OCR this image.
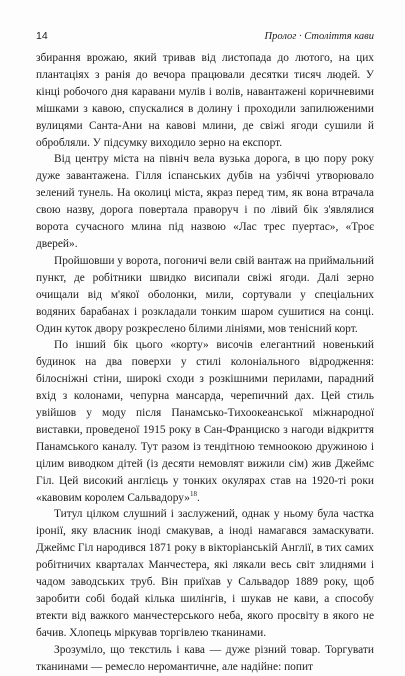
14	Пролог · Століття кави

збирання врожаю, який тривав від листопада до лютого, на цих плантаціях з ранія до вечора працювали десятки тисяч людей. У кінці робочого дня каравани мулів і волів, навантажені коричневими мішками з кавою, спускалися в долину і проходили запилюженими вулицями Санта-Ани на кавові млини, де свіжі ягоди сушили й обробляли. У підсумку виходило зерно на експорт.

Від центру міста на північ вела вузька дорога, в цю пору року дуже завантажена. Гілля іспанських дубів на узбіччі утворювало зелений тунель. На околиці міста, якраз перед тим, як вона втрачала свою назву, дорога повертала праворуч і по лівий бік з'являлися ворота сучасного млина під назвою «Лас трес пуертас», «Троє дверей».

Пройшовши у ворота, погоничі вели свій вантаж на приймальний пункт, де робітники швидко висипали свіжі ягоди. Далі зерно очищали від м'якої оболонки, мили, сортували у спеціальних водяних барабанах і розкладали тонким шаром сушитися на сонці. Один куток двору розкреслено білими лініями, мов тенісний корт.

По інший бік цього «корту» височів елегантний новенький будинок на два поверхи у стилі колоніального відродження: білосніжні стіни, широкі сходи з розкішними перилами, парадний вхід з колонами, чепурна мансарда, черепичний дах. Цей стиль увійшов у моду після Панамсько-Тихоокеанської міжнародної виставки, проведеної 1915 року в Сан-Франциско з нагоди відкриття Панамського каналу. Тут разом із тендітною темноокою дружиною і цілим виводком дітей (із десяти немовлят вижили сім) жив Джеймс Гіл. Цей високий англієць у тонких окулярах став на 1920-ті роки «кавовим королем Сальвадору»$^{18}$.

Титул цілком слушний і заслужений, однак у ньому була частка іронії, яку власник іноді смакував, а іноді намагався замаскувати. Джеймс Гіл народився 1871 року в вікторіанській Англії, в тих самих робітничих кварталах Манчестера, які лякали весь світ злиднями і чадом заводських труб. Він приїхав у Сальвадор 1889 року, щоб заробити собі бодай кілька шилінгів, і шукав не кави, а способу втекти від важкого манчестерського неба, якого просвіту в якого не бачив. Хлопець міркував торгівлею тканинами.

Зрозуміло, що текстиль і кава — дуже різний товар. Торгувати тканинами — ремесло неромантичне, але надійне: попит
